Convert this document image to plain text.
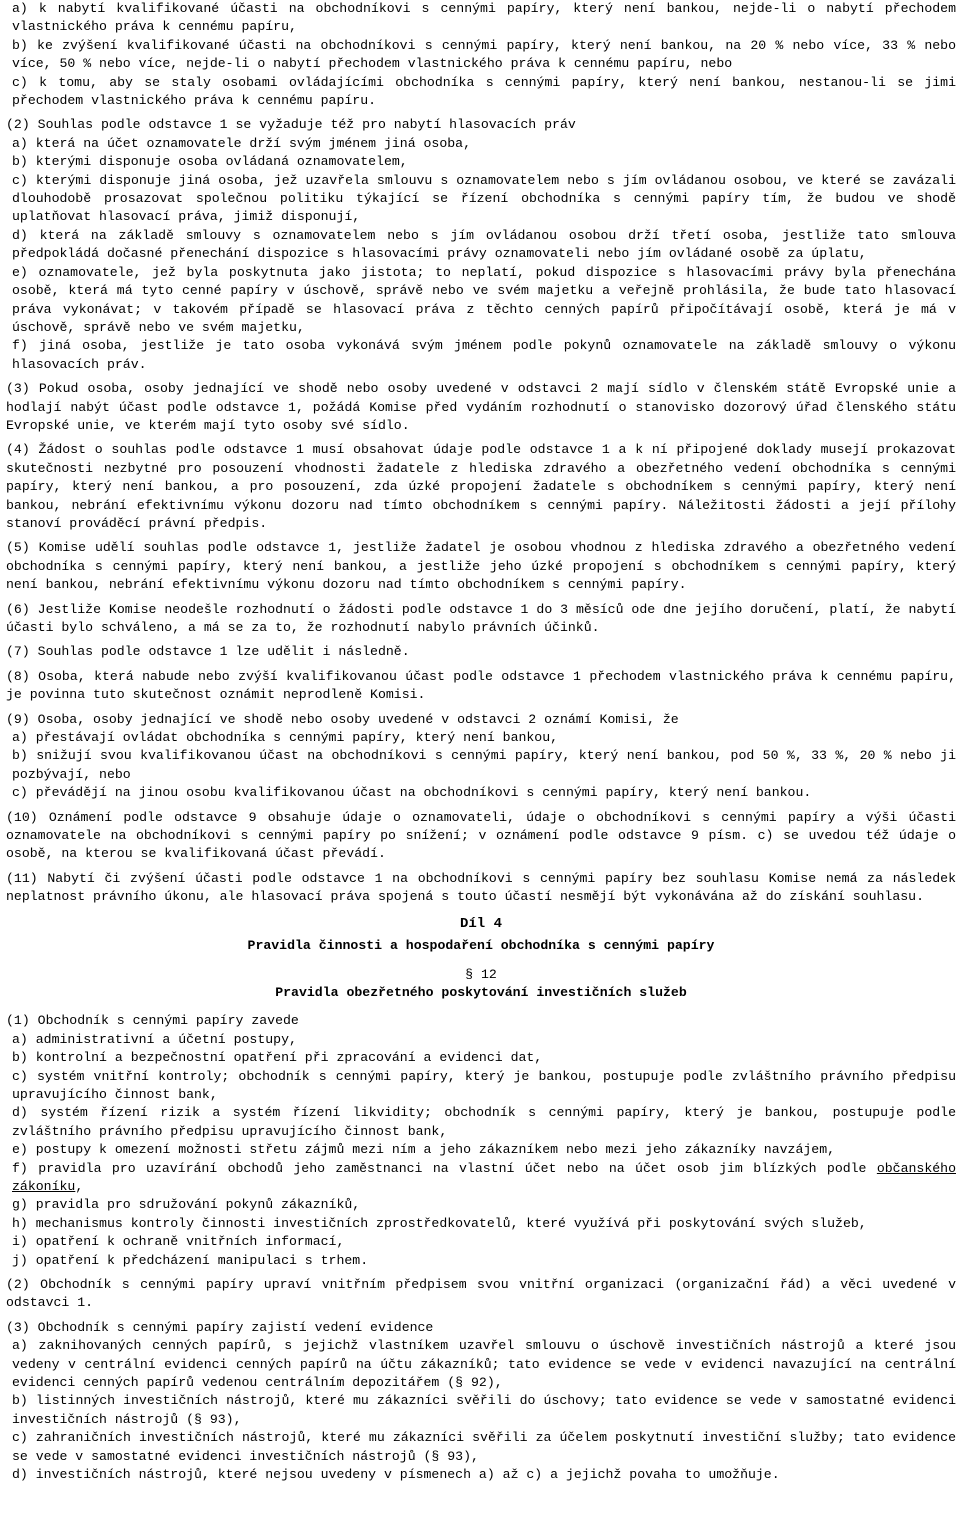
a) k nabytí kvalifikované účasti na obchodníkovi s cennými papíry, který není bankou, nejde-li o nabytí přechodem vlastnického práva k cennému papíru,

b) ke zvýšení kvalifikované účasti na obchodníkovi s cennými papíry, který není bankou, na 20 % nebo více, 33 % nebo více, 50 % nebo více, nejde-li o nabytí přechodem vlastnického práva k cennému papíru, nebo

c) k tomu, aby se staly osobami ovládajícími obchodníka s cennými papíry, který není bankou, nestanou-li se jimi přechodem vlastnického práva k cennému papíru.

(2) Souhlas podle odstavce 1 se vyžaduje též pro nabytí hlasovacích práv

a) která na účet oznamovatele drží svým jménem jiná osoba,

b) kterými disponuje osoba ovládaná oznamovatelem,

c) kterými disponuje jiná osoba, jež uzavřela smlouvu s oznamovatelem nebo s jím ovládanou osobou, ve které se zavázali dlouhodobě prosazovat společnou politiku týkající se řízení obchodníka s cennými papíry tím, že budou ve shodě uplatňovat hlasovací práva, jimiž disponují,

d) která na základě smlouvy s oznamovatelem nebo s jím ovládanou osobou drží třetí osoba, jestliže tato smlouva předpokládá dočasné přenechání dispozice s hlasovacími právy oznamovateli nebo jím ovládané osobě za úplatu,

e) oznamovatele, jež byla poskytnuta jako jistota; to neplatí, pokud dispozice s hlasovacími právy byla přenechána osobě, která má tyto cenné papíry v úschově, správě nebo ve svém majetku a veřejně prohlásila, že bude tato hlasovací práva vykonávat; v takovém případě se hlasovací práva z těchto cenných papírů připočítávají osobě, která je má v úschově, správě nebo ve svém majetku,

f) jiná osoba, jestliže je tato osoba vykonává svým jménem podle pokynů oznamovatele na základě smlouvy o výkonu hlasovacích práv.

(3) Pokud osoba, osoby jednající ve shodě nebo osoby uvedené v odstavci 2 mají sídlo v členském státě Evropské unie a hodlají nabýt účast podle odstavce 1, požádá Komise před vydáním rozhodnutí o stanovisko dozorový úřad členského státu Evropské unie, ve kterém mají tyto osoby své sídlo.

(4) Žádost o souhlas podle odstavce 1 musí obsahovat údaje podle odstavce 1 a k ní připojené doklady musejí prokazovat skutečnosti nezbytné pro posouzení vhodnosti žadatele z hlediska zdravého a obezřetného vedení obchodníka s cennými papíry, který není bankou, a pro posouzení, zda úzké propojení žadatele s obchodníkem s cennými papíry, který není bankou, nebrání efektivnímu výkonu dozoru nad tímto obchodníkem s cennými papíry. Náležitosti žádosti a její přílohy stanoví prováděcí právní předpis.

(5) Komise udělí souhlas podle odstavce 1, jestliže žadatel je osobou vhodnou z hlediska zdravého a obezřetného vedení obchodníka s cennými papíry, který není bankou, a jestliže jeho úzké propojení s obchodníkem s cennými papíry, který není bankou, nebrání efektivnímu výkonu dozoru nad tímto obchodníkem s cennými papíry.

(6) Jestliže Komise neodešle rozhodnutí o žádosti podle odstavce 1 do 3 měsíců ode dne jejího doručení, platí, že nabytí účasti bylo schváleno, a má se za to, že rozhodnutí nabylo právních účinků.

(7) Souhlas podle odstavce 1 lze udělit i následně.

(8) Osoba, která nabude nebo zvýší kvalifikovanou účast podle odstavce 1 přechodem vlastnického práva k cennému papíru, je povinna tuto skutečnost oznámit neprodleně Komisi.

(9) Osoba, osoby jednající ve shodě nebo osoby uvedené v odstavci 2 oznámí Komisi, že

a) přestávají ovládat obchodníka s cennými papíry, který není bankou,

b) snižují svou kvalifikovanou účast na obchodníkovi s cennými papíry, který není bankou, pod 50 %, 33 %, 20 % nebo ji pozbývají, nebo

c) převádějí na jinou osobu kvalifikovanou účast na obchodníkovi s cennými papíry, který není bankou.

(10) Oznámení podle odstavce 9 obsahuje údaje o oznamovateli, údaje o obchodníkovi s cennými papíry a výši účasti oznamovatele na obchodníkovi s cennými papíry po snížení; v oznámení podle odstavce 9 písm. c) se uvedou též údaje o osobě, na kterou se kvalifikovaná účast převádí.

(11) Nabytí či zvýšení účasti podle odstavce 1 na obchodníkovi s cennými papíry bez souhlasu Komise nemá za následek neplatnost právního úkonu, ale hlasovací práva spojená s touto účastí nesmějí být vykonávána až do získání souhlasu.

Díl 4
Pravidla činnosti a hospodaření obchodníka s cennými papíry
§ 12
Pravidla obezřetného poskytování investičních služeb

(1) Obchodník s cennými papíry zavede

a) administrativní a účetní postupy,

b) kontrolní a bezpečnostní opatření při zpracování a evidenci dat,

c) systém vnitřní kontroly; obchodník s cennými papíry, který je bankou, postupuje podle zvláštního právního předpisu upravujícího činnost bank,

d) systém řízení rizik a systém řízení likvidity; obchodník s cennými papíry, který je bankou, postupuje podle zvláštního právního předpisu upravujícího činnost bank,

e) postupy k omezení možnosti střetu zájmů mezi ním a jeho zákazníkem nebo mezi jeho zákazníky navzájem,

f) pravidla pro uzavírání obchodů jeho zaměstnanci na vlastní účet nebo na účet osob jim blízkých podle občanského zákoníku,

g) pravidla pro sdružování pokynů zákazníků,

h) mechanismus kontroly činnosti investičních zprostředkovatelů, které využívá při poskytování svých služeb,

i) opatření k ochraně vnitřních informací,

j) opatření k předcházení manipulaci s trhem.

(2) Obchodník s cennými papíry upraví vnitřním předpisem svou vnitřní organizaci (organizační řád) a věci uvedené v odstavci 1.

(3) Obchodník s cennými papíry zajistí vedení evidence

a) zaknihovaných cenných papírů, s jejichž vlastníkem uzavřel smlouvu o úschově investičních nástrojů a které jsou vedeny v centrální evidenci cenných papírů na účtu zákazníků; tato evidence se vede v evidenci navazující na centrální evidenci cenných papírů vedenou centrálním depozitářem (§ 92),

b) listinných investičních nástrojů, které mu zákazníci svěřili do úschovy; tato evidence se vede v samostatné evidenci investičních nástrojů (§ 93),

c) zahraničních investičních nástrojů, které mu zákazníci svěřili za účelem poskytnutí investiční služby; tato evidence se vede v samostatné evidenci investičních nástrojů (§ 93),

d) investičních nástrojů, které nejsou uvedeny v písmenech a) až c) a jejichž povaha to umožňuje.
